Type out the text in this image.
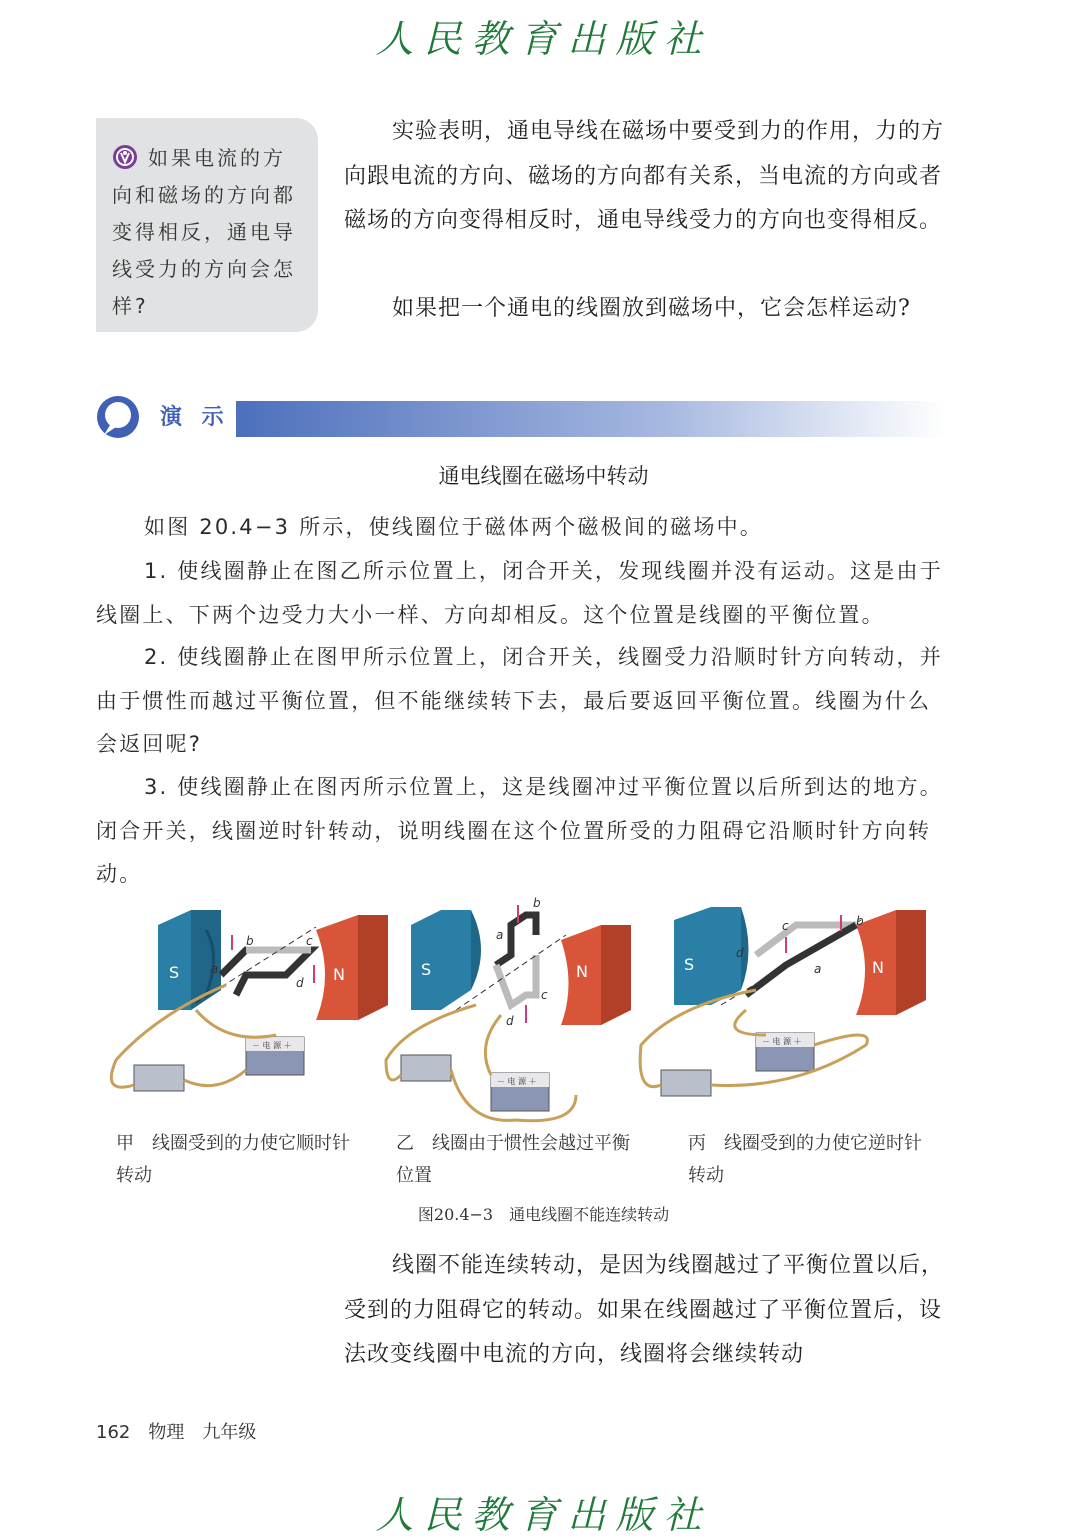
人民教育出版社
如果电流的方向和磁场的方向都变得相反，通电导线受力的方向会怎样?
实验表明，通电导线在磁场中要受到力的作用，力的方向跟电流的方向、磁场的方向都有关系，当电流的方向或者磁场的方向变得相反时，通电导线受力的方向也变得相反。
如果把一个通电的线圈放到磁场中，它会怎样运动?
演 示
通电线圈在磁场中转动
如图 20.4−3 所示，使线圈位于磁体两个磁极间的磁场中。
1. 使线圈静止在图乙所示位置上，闭合开关，发现线圈并没有运动。这是由于线圈上、下两个边受力大小一样、方向却相反。这个位置是线圈的平衡位置。
2. 使线圈静止在图甲所示位置上，闭合开关，线圈受力沿顺时针方向转动，并由于惯性而越过平衡位置，但不能继续转下去，最后要返回平衡位置。线圈为什么会返回呢?
3. 使线圈静止在图丙所示位置上，这是线圈冲过平衡位置以后所到达的地方。闭合开关，线圈逆时针转动，说明线圈在这个位置所受的力阻碍它沿顺时针方向转动。
S	N
b	c
a
d
－ 电 源 ＋
S	N
b
a
c
d
－ 电 源 ＋
S	N
c	b
a
d
－ 电 源 ＋
甲　线圈受到的力使它顺时针转动
乙　线圈由于惯性会越过平衡位置
丙　线圈受到的力使它逆时针转动
图20.4−3　通电线圈不能连续转动
线圈不能连续转动，是因为线圈越过了平衡位置以后，受到的力阻碍它的转动。如果在线圈越过了平衡位置后，设法改变线圈中电流的方向，线圈将会继续转动
162 物理 九年级
人民教育出版社
